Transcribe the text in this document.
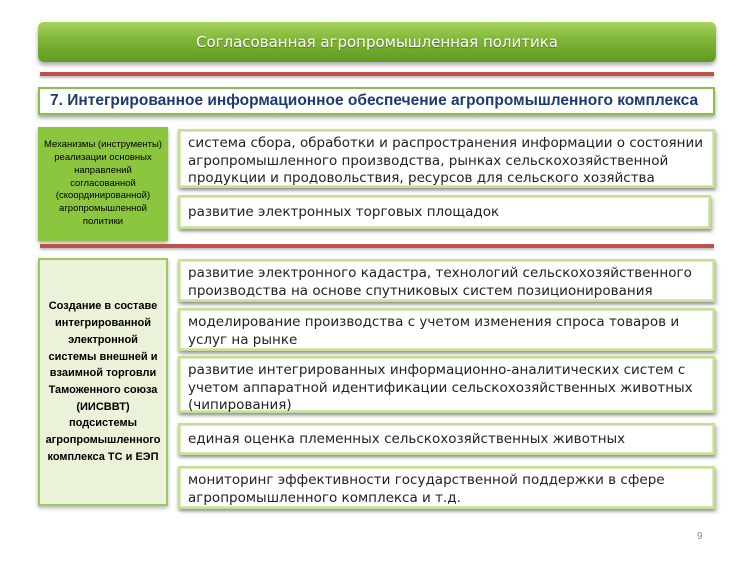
Согласованная агропромышленная политика
7. Интегрированное информационное обеспечение агропромышленного комплекса
Механизмы (инструменты) реализации основных направлений согласованной (скоординированной) агропромышленной политики
система сбора, обработки и распространения информации о состоянии агропромышленного производства, рынках сельскохозяйственной продукции и продовольствия, ресурсов для сельского хозяйства
развитие электронных торговых площадок
Создание в составе интегрированной электронной системы внешней и взаимной торговли Таможенного союза (ИИСВВТ) подсистемы агропромышленного комплекса ТС и ЕЭП
развитие электронного кадастра, технологий сельскохозяйственного производства на основе спутниковых систем позиционирования
моделирование производства с учетом изменения спроса товаров и услуг на рынке
развитие интегрированных информационно-аналитических систем с учетом аппаратной идентификации сельскохозяйственных животных (чипирования)
единая оценка племенных сельскохозяйственных животных
мониторинг эффективности государственной поддержки в сфере агропромышленного комплекса и т.д.
9
